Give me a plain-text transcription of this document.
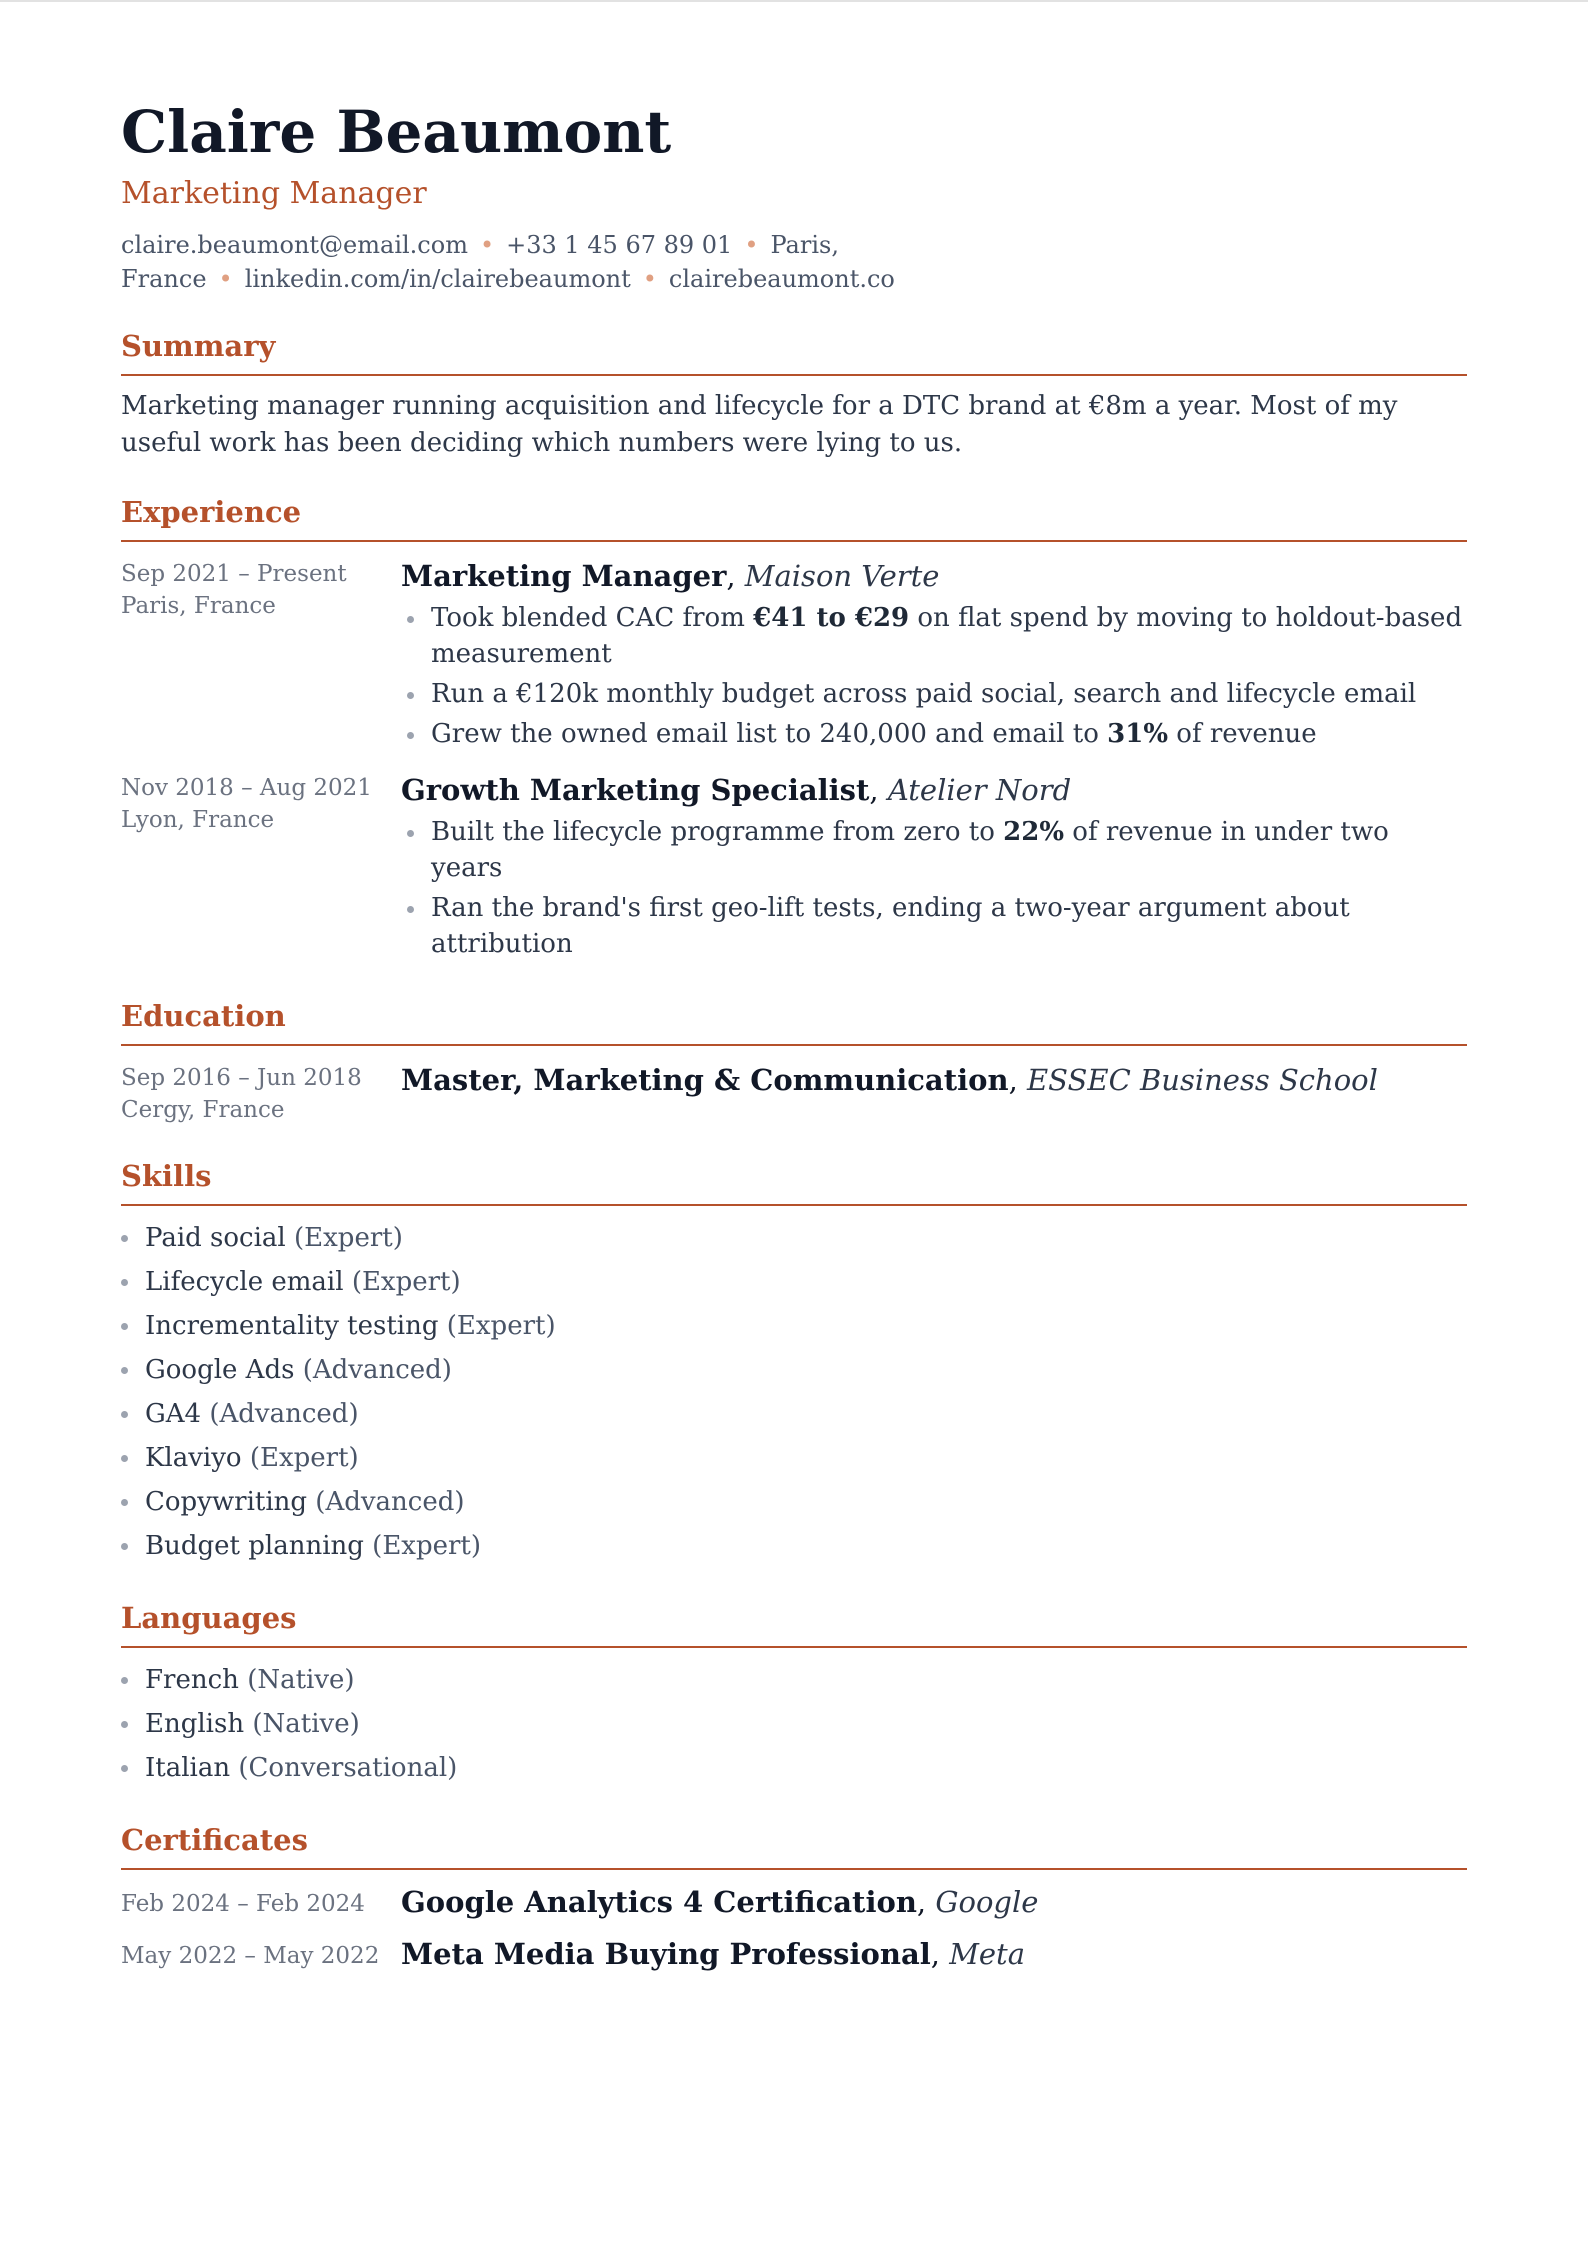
Claire Beaumont
Marketing Manager
claire.beaumont@email.com • +33 1 45 67 89 01 • Paris, France • linkedin.com/in/clairebeaumont • clairebeaumont.co
Summary
Marketing manager running acquisition and lifecycle for a DTC brand at €8m a year. Most of my useful work has been deciding which numbers were lying to us.
Experience
Sep 2021 – Present
Paris, France
Marketing Manager, Maison Verte
Took blended CAC from €41 to €29 on flat spend by moving to holdout-based measurement
Run a €120k monthly budget across paid social, search and lifecycle email
Grew the owned email list to 240,000 and email to 31% of revenue
Nov 2018 – Aug 2021
Lyon, France
Growth Marketing Specialist, Atelier Nord
Built the lifecycle programme from zero to 22% of revenue in under two years
Ran the brand's first geo-lift tests, ending a two-year argument about attribution
Education
Sep 2016 – Jun 2018
Cergy, France
Master, Marketing & Communication, ESSEC Business School
Skills
Paid social (Expert)
Lifecycle email (Expert)
Incrementality testing (Expert)
Google Ads (Advanced)
GA4 (Advanced)
Klaviyo (Expert)
Copywriting (Advanced)
Budget planning (Expert)
Languages
French (Native)
English (Native)
Italian (Conversational)
Certificates
Feb 2024 – Feb 2024	Google Analytics 4 Certification, Google
May 2022 – May 2022 Meta Media Buying Professional, Meta
